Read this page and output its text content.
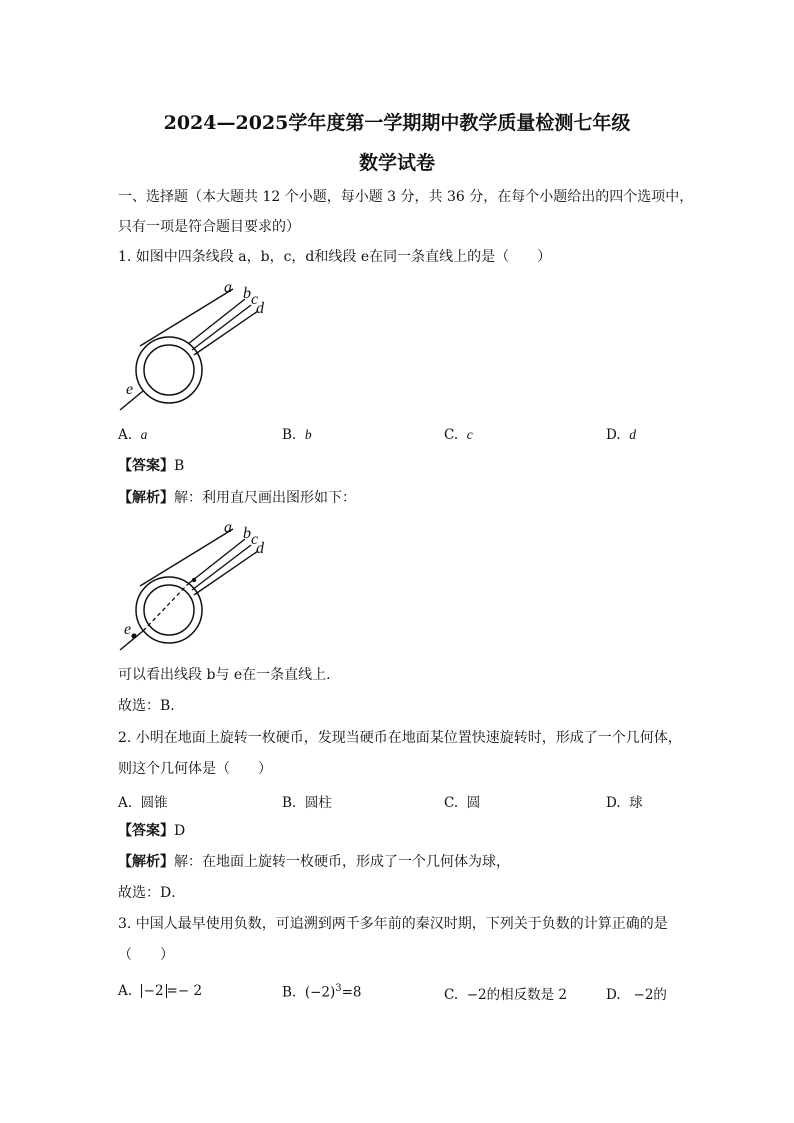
2024—2025学年度第一学期期中教学质量检测七年级
数学试卷
一、选择题（本大题共 12 个小题，每小题 3 分，共 36 分，在每个小题给出的四个选项中，
只有一项是符合题目要求的）
1. 如图中四条线段 a，b，c，d和线段 e在同一条直线上的是（　　）
a b c
d
e
A. a	B. b	C. c	D. d
【答案】B
【解析】解：利用直尺画出图形如下：
a b c
d
e
可以看出线段 b与 e在一条直线上.
故选：B.
2. 小明在地面上旋转一枚硬币，发现当硬币在地面某位置快速旋转时，形成了一个几何体，
则这个几何体是（　　）
A. 圆锥	B. 圆柱	C. 圆	D. 球
【答案】D
【解析】解：在地面上旋转一枚硬币，形成了一个几何体为球，
故选：D．
3. 中国人最早使用负数，可追溯到两千多年前的秦汉时期，下列关于负数的计算正确的是
（　　）
A. −2 =− 2	B. $(-2)^3=8$	C. −2的相反数是 2	D. −2的
